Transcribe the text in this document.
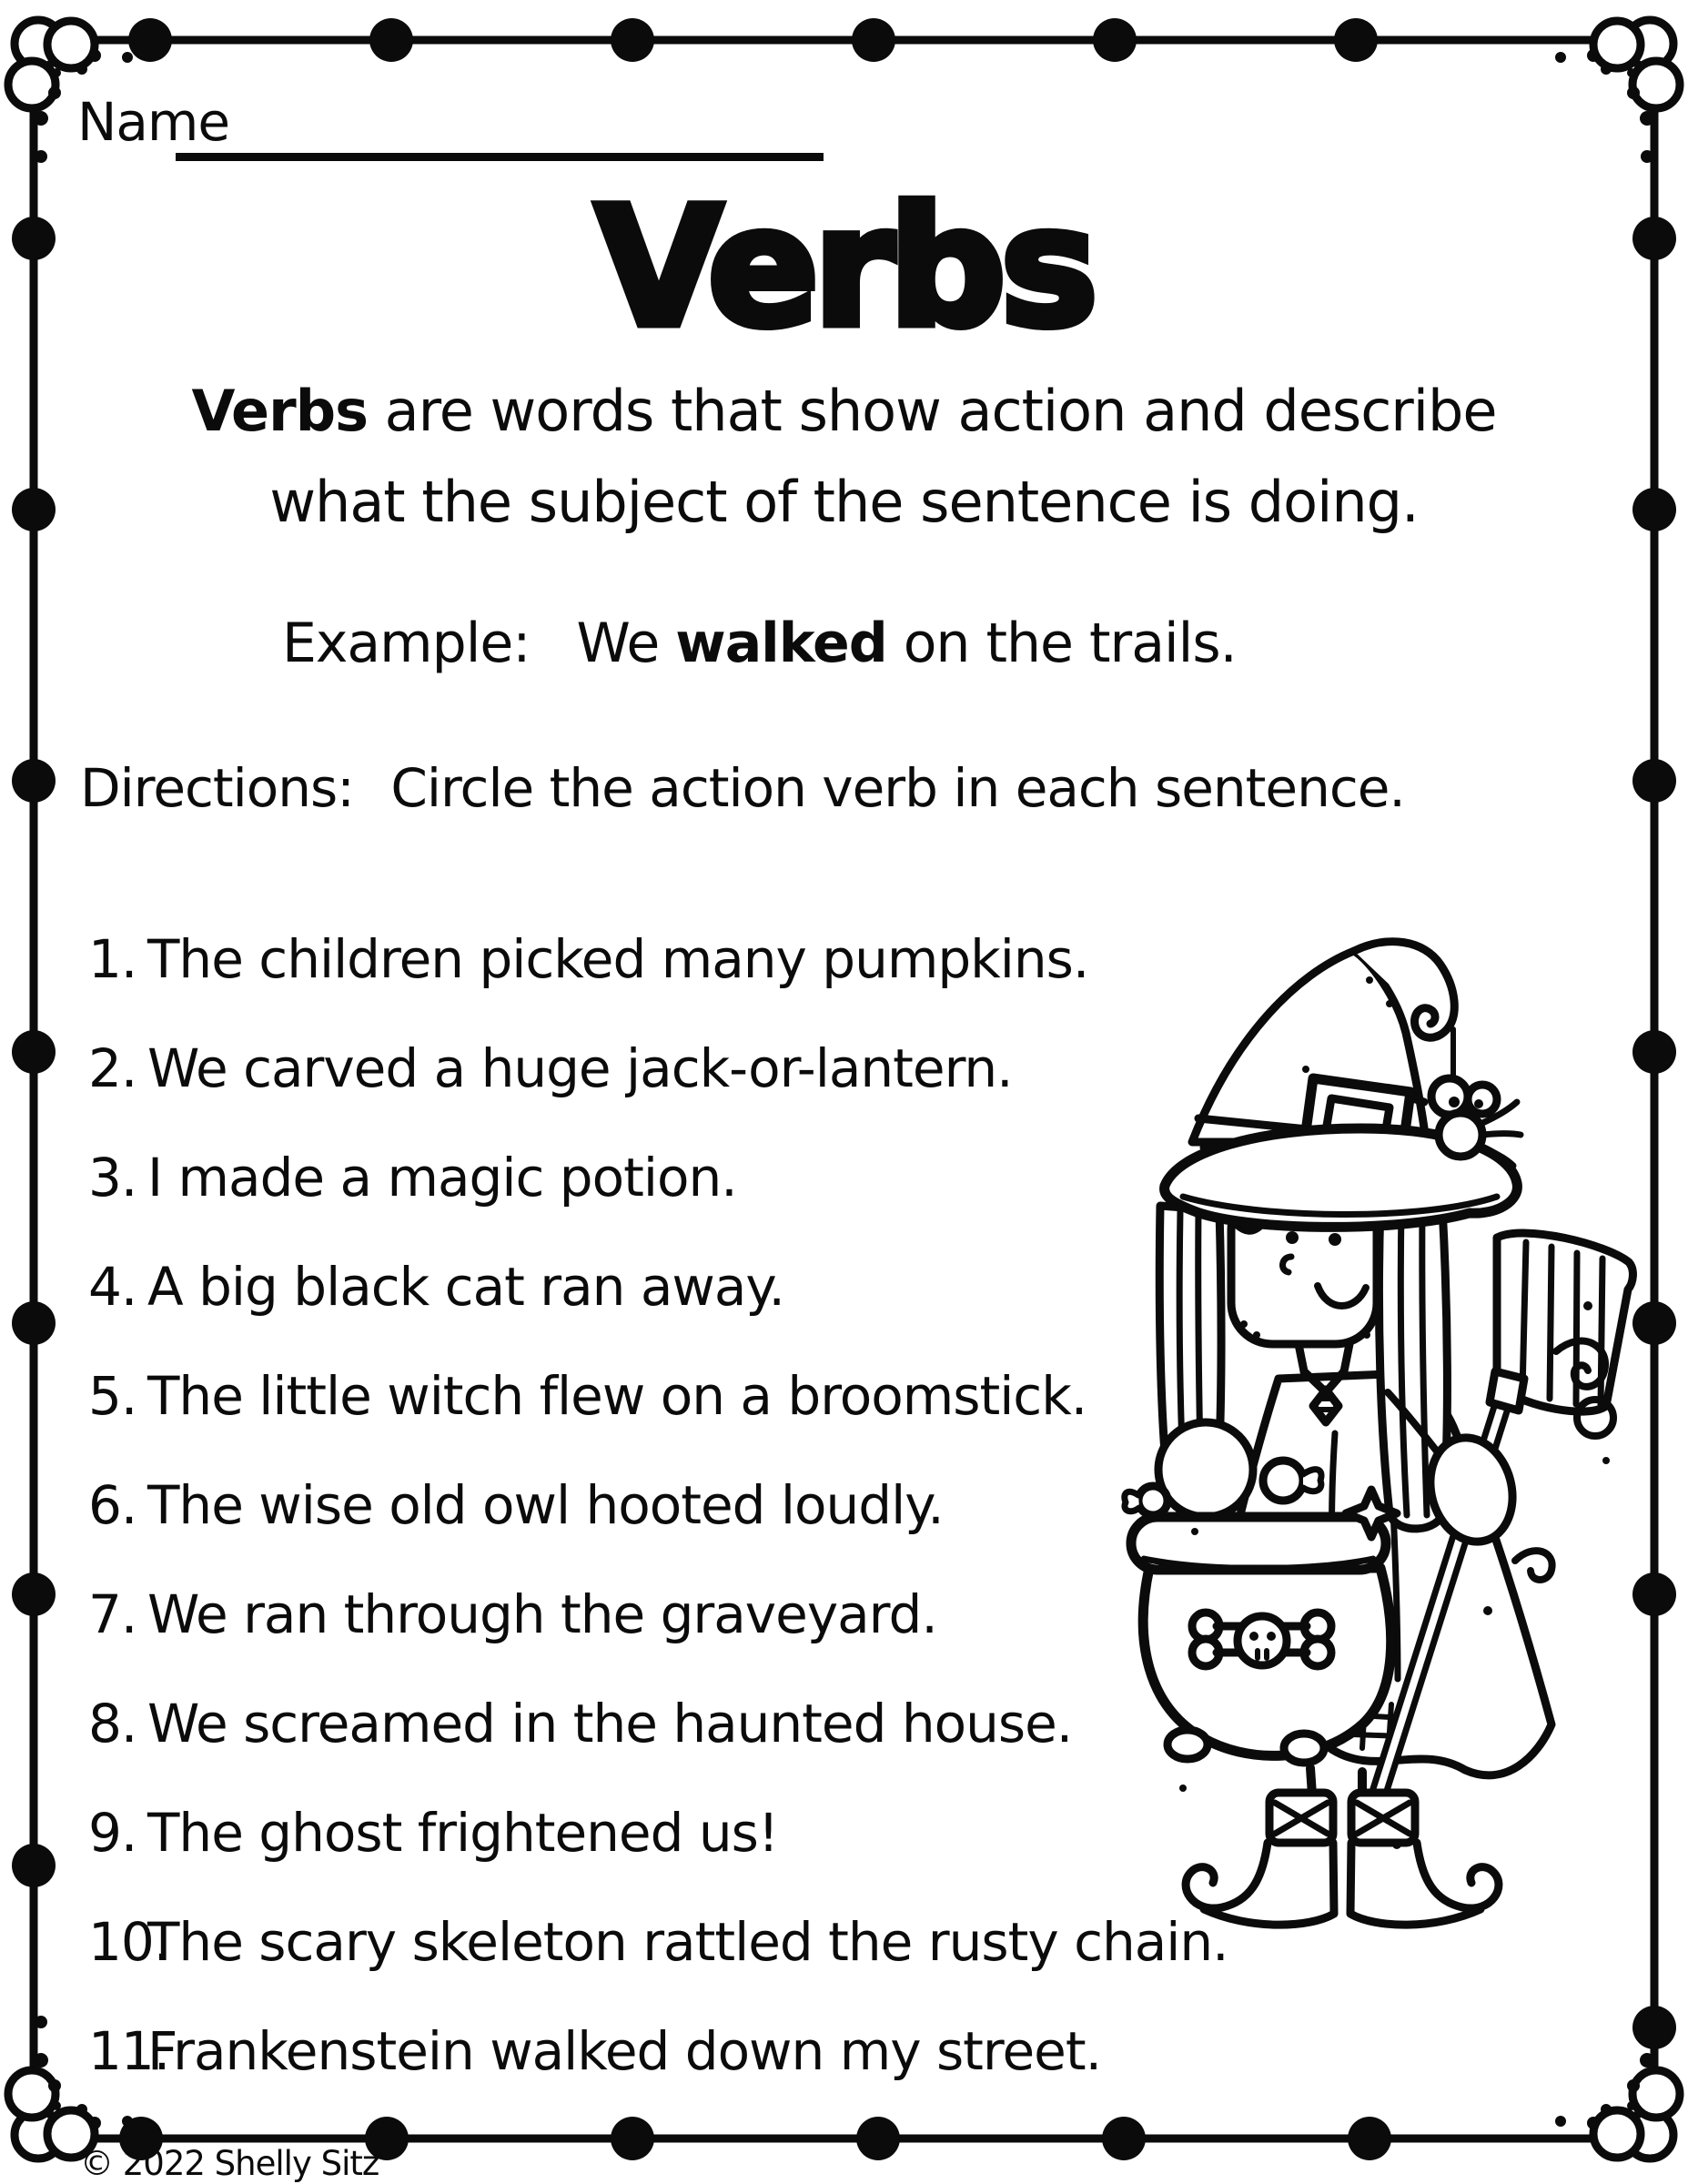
Name
Verbs

Verbs are words that show action and describe
what the subject of the sentence is doing.

Example: We walked on the trails.

Directions: Circle the action verb in each sentence.

1. The children picked many pumpkins.
2. We carved a huge jack-or-lantern.
3. I made a magic potion.
4. A big black cat ran away.
5. The little witch flew on a broomstick.
6. The wise old owl hooted loudly.
7. We ran through the graveyard.
8. We screamed in the haunted house.
9. The ghost frightened us!
10.
The scary skeleton rattled the rusty chain.
11.
Frankenstein walked down my street.
© 2022 Shelly Sitz
